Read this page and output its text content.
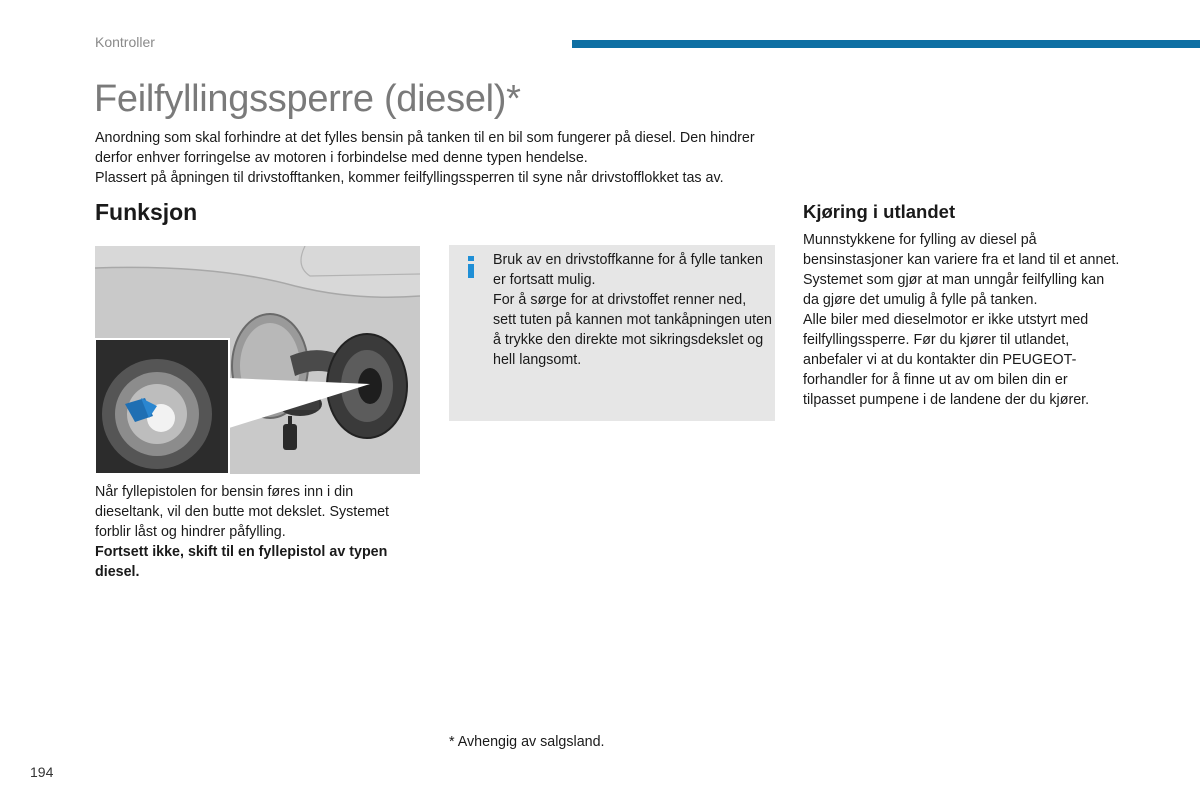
Kontroller
Feilfyllingssperre (diesel)*

Anordning som skal forhindre at det fylles bensin på tanken til en bil som fungerer på diesel. Den hindrer derfor enhver forringelse av motoren i forbindelse med denne typen hendelse.

Plassert på åpningen til drivstofftanken, kommer feilfyllingssperren til syne når drivstofflokket tas av.

Funksjon

Når fyllepistolen for bensin føres inn i din dieseltank, vil den butte mot dekslet. Systemet forblir låst og hindrer påfylling.

Fortsett ikke, skift til en fyllepistol av typen diesel.

Bruk av en drivstoffkanne for å fylle tanken er fortsatt mulig.

For å sørge for at drivstoffet renner ned, sett tuten på kannen mot tankåpningen uten å trykke den direkte mot sikringsdekslet og hell langsomt.

Kjøring i utlandet

Munnstykkene for fylling av diesel på bensinstasjoner kan variere fra et land til et annet. Systemet som gjør at man unngår feilfylling kan da gjøre det umulig å fylle på tanken.

Alle biler med dieselmotor er ikke utstyrt med feilfyllingssperre. Før du kjører til utlandet, anbefaler vi at du kontakter din PEUGEOT-forhandler for å finne ut av om bilen din er tilpasset pumpene i de landene der du kjører.

* Avhengig av salgsland.
194
